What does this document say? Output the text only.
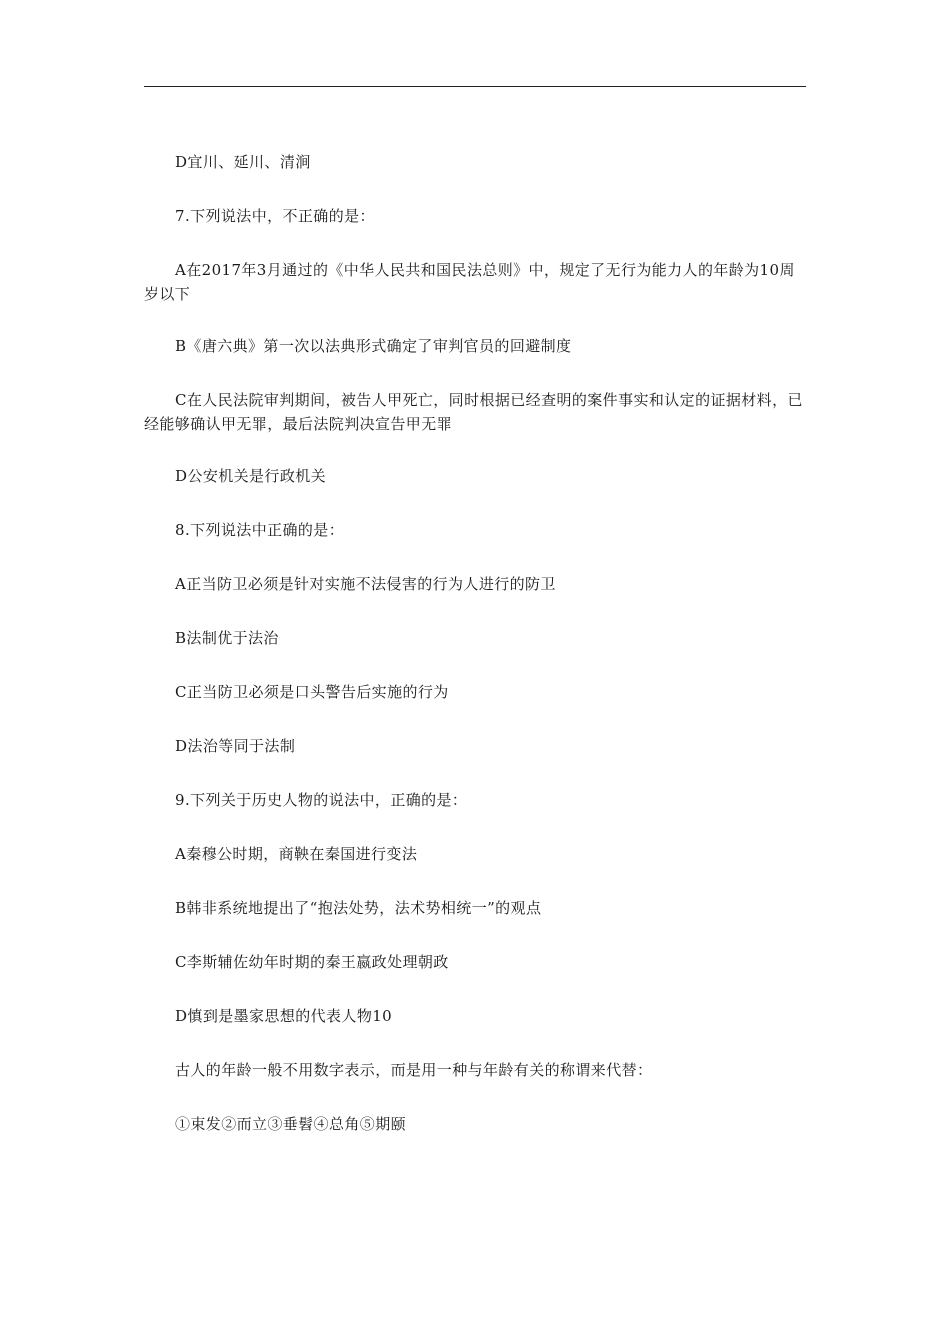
D宜川、延川、清涧

7.下列说法中，不正确的是：

A在2017年3月通过的《中华人民共和国民法总则》中，规定了无行为能力人的年龄为10周岁以下

B《唐六典》第一次以法典形式确定了审判官员的回避制度

C在人民法院审判期间，被告人甲死亡，同时根据已经查明的案件事实和认定的证据材料，已经能够确认甲无罪，最后法院判决宣告甲无罪

D公安机关是行政机关

8.下列说法中正确的是：

A正当防卫必须是针对实施不法侵害的行为人进行的防卫

B法制优于法治

C正当防卫必须是口头警告后实施的行为

D法治等同于法制

9.下列关于历史人物的说法中，正确的是：

A秦穆公时期，商鞅在秦国进行变法

B韩非系统地提出了“抱法处势，法术势相统一”的观点

C李斯辅佐幼年时期的秦王嬴政处理朝政

D慎到是墨家思想的代表人物10

古人的年龄一般不用数字表示，而是用一种与年龄有关的称谓来代替：

①束发②而立③垂髫④总角⑤期颐
